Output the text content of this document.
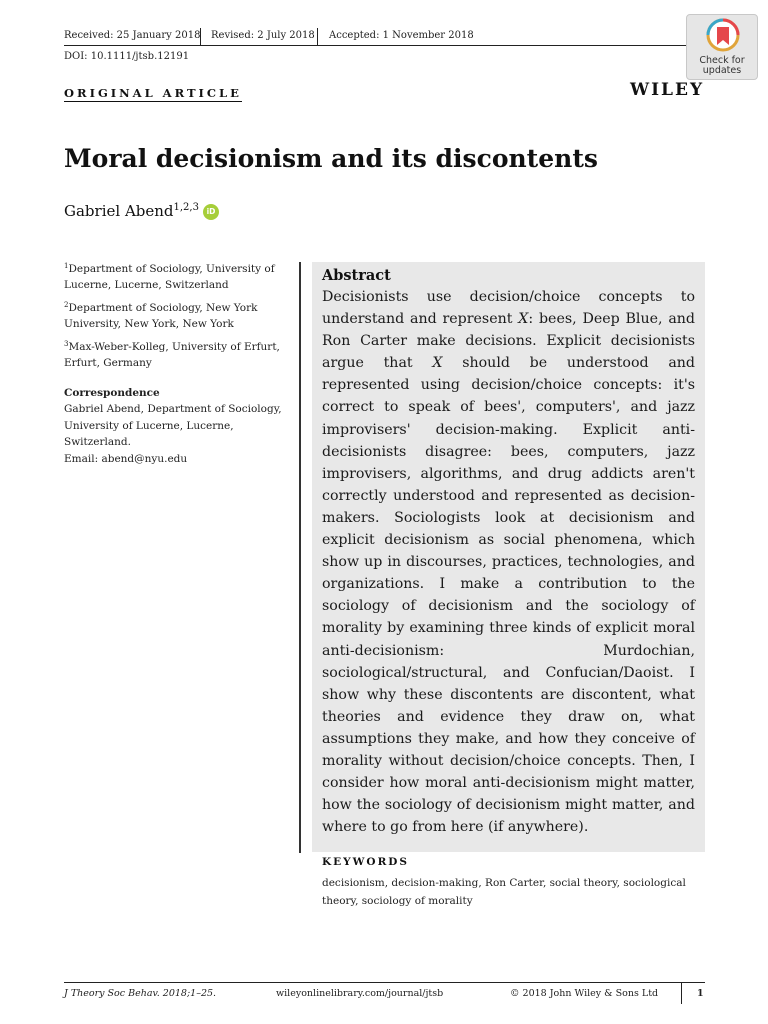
Received: 25 January 2018 Revised: 2 July 2018 Accepted: 1 November 2018
DOI: 10.1111/jtsb.12191	Check for
updates
WILEY
ORIGINAL ARTICLE
Moral decisionism and its discontents
Gabriel Abend$^{1,2,3}$ iD
$^1$Department of Sociology, University of Lucerne, Lucerne, Switzerland
$^2$Department of Sociology, New York University, New York, New York
$^3$Max-Weber-Kolleg, University of Erfurt, Erfurt, Germany
Correspondence
Gabriel Abend, Department of Sociology, University of Lucerne, Lucerne, Switzerland.
Email: abend@nyu.edu
Abstract

Decisionists use decision/choice concepts to understand and represent X: bees, Deep Blue, and Ron Carter make decisions. Explicit decisionists argue that X should be understood and represented using decision/choice concepts: it's correct to speak of bees', computers', and jazz improvisers' decision-making. Explicit anti-decisionists disagree: bees, computers, jazz improvisers, algorithms, and drug addicts aren't correctly understood and represented as decision-makers. Sociologists look at decisionism and explicit decisionism as social phenomena, which show up in discourses, practices, technologies, and organizations. I make a contribution to the sociology of decisionism and the sociology of morality by examining three kinds of explicit moral anti-decisionism: Murdochian, sociological/structural, and Confucian/Daoist. I show why these discontents are discontent, what theories and evidence they draw on, what assumptions they make, and how they conceive of morality without decision/choice concepts. Then, I consider how moral anti-decisionism might matter, how the sociology of decisionism might matter, and where to go from here (if anywhere).

KEYWORDS
decisionism, decision-making, Ron Carter, social theory, sociological theory, sociology of morality
J Theory Soc Behav. 2018;1–25.	wileyonlinelibrary.com/journal/jtsb	© 2018 John Wiley & Sons Ltd	1
